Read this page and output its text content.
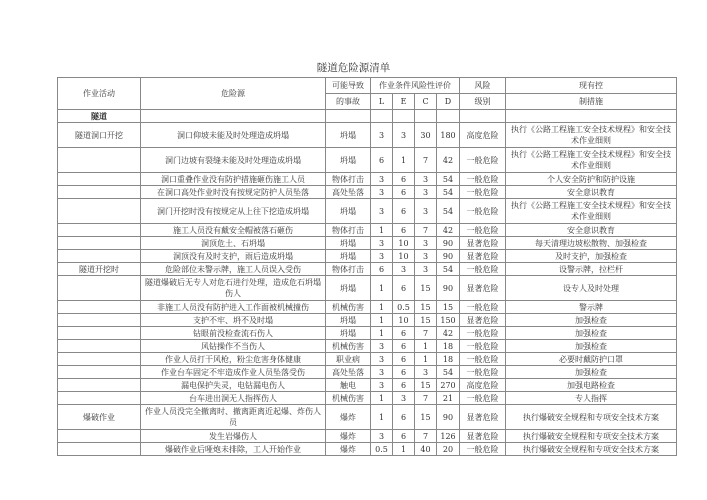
隧道危险源清单
作业活动	危险源	可能导致	作业条件风险性评价				风险	现有控
		的事故	L	E	C	D	级别	制措施
隧道								
隧道洞口开挖	洞口仰坡未能及时处理造成坍塌	坍塌	3	3	30	180	高度危险	执行《公路工程施工安全技术规程》和安全技术作业细则
	洞门边坡有裂缝未能及时处理造成坍塌	坍塌	6	1	7	42	一般危险	执行《公路工程施工安全技术规程》和安全技术作业细则
	洞口重叠作业没有防护措施砸伤施工人员	物体打击	3	6	3	54	一般危险	个人安全防护和防护设施
	在洞口高处作业时没有按规定防护人员坠落	高处坠落	3	6	3	54	一般危险	安全意识教育
	洞门开挖时没有按规定从上往下挖造成坍塌	坍塌	3	6	3	54	一般危险	执行《公路工程施工安全技术规程》和安全技术作业细则
	施工人员没有戴安全帽被落石砸伤	物体打击	1	6	7	42	一般危险	安全意识教育
	洞顶危土、石坍塌	坍塌	3	10	3	90	显著危险	每天清理边坡松散物、加强检查
	洞顶没有及时支护，雨后造成坍塌	坍塌	3	10	3	90	显著危险	及时支护，加强检查
隧道开挖时	危险部位未警示牌，施工人员误入受伤	物体打击	6	3	3	54	一般危险	设警示牌，拉栏杆
	隧道爆破后无专人对危石进行处理，造成危石坍塌伤人	坍塌	1	6	15	90	显著危险	设专人及时处理
	非施工人员没有防护进入工作面被机械撞伤	机械伤害	1	0.5	15	15	一般危险	警示牌
	支护不牢、坍不及时塌	坍塌	1	10	15	150	显著危险	加强检查
	钻眼前没检查流石伤人	坍塌	1	6	7	42	一般危险	加强检查
	风钻操作不当伤人	机械伤害	3	6	1	18	一般危险	加强检查
	作业人员打干风枪，粉尘危害身体健康	职业病	3	6	1	18	一般危险	必要时戴防护口罩
	作业台车固定不牢造成作业人员坠落受伤	高处坠落	3	6	3	54	一般危险	加强检查
	漏电保护失灵，电钻漏电伤人	触电	3	6	15	270	高度危险	加强电路检查
	台车进出洞无人指挥伤人	机械伤害	1	3	7	21	一般危险	专人指挥
爆破作业	作业人员没完全撤离时、撤离距离近起爆、炸伤人员	爆炸	1	6	15	90	显著危险	执行爆破安全规程和专项安全技术方案
	发生岩爆伤人	爆炸	3	6	7	126	显著危险	执行爆破安全规程和专项安全技术方案
	爆破作业后哑炮未排除，工人开始作业	爆炸	0.5	1	40	20	一般危险	执行爆破安全规程和专项安全技术方案
